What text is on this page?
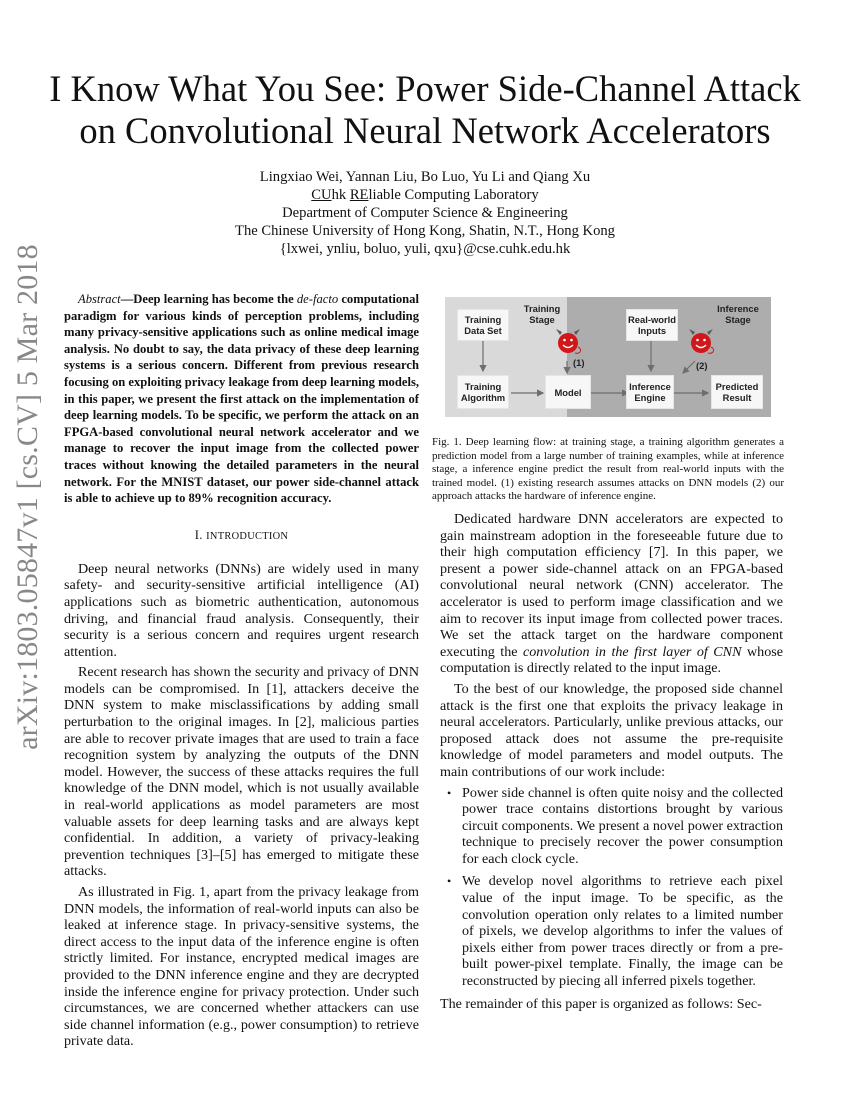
arXiv:1803.05847v1 [cs.CV] 5 Mar 2018
I Know What You See: Power Side-Channel Attack
on Convolutional Neural Network Accelerators
Lingxiao Wei, Yannan Liu, Bo Luo, Yu Li and Qiang Xu
CUhk REliable Computing Laboratory
Department of Computer Science & Engineering
The Chinese University of Hong Kong, Shatin, N.T., Hong Kong
{lxwei, ynliu, boluo, yuli, qxu}@cse.cuhk.edu.hk

Abstract—Deep learning has become the de-facto computational paradigm for various kinds of perception problems, including many privacy-sensitive applications such as online medical image analysis. No doubt to say, the data privacy of these deep learning systems is a serious concern. Different from previous research focusing on exploiting privacy leakage from deep learning models, in this paper, we present the first attack on the implementation of deep learning models. To be specific, we perform the attack on an FPGA-based convolutional neural network accelerator and we manage to recover the input image from the collected power traces without knowing the detailed parameters in the neural network. For the MNIST dataset, our power side-channel attack is able to achieve up to 89% recognition accuracy.

I. INTRODUCTION

Deep neural networks (DNNs) are widely used in many safety- and security-sensitive artificial intelligence (AI) applications such as biometric authentication, autonomous driving, and financial fraud analysis. Consequently, their security is a serious concern and requires urgent research attention.

Recent research has shown the security and privacy of DNN models can be compromised. In [1], attackers deceive the DNN system to make misclassifications by adding small perturbation to the original images. In [2], malicious parties are able to recover private images that are used to train a face recognition system by analyzing the outputs of the DNN model. However, the success of these attacks requires the full knowledge of the DNN model, which is not usually available in real-world applications as model parameters are most valuable assets for deep learning tasks and are always kept confidential. In addition, a variety of privacy-leaking prevention techniques [3]–[5] has emerged to mitigate these attacks.

As illustrated in Fig. 1, apart from the privacy leakage from DNN models, the information of real-world inputs can also be leaked at inference stage. In privacy-sensitive systems, the direct access to the input data of the inference engine is often strictly limited. For instance, encrypted medical images are provided to the DNN inference engine and they are decrypted inside the inference engine for privacy protection. Under such circumstances, we are concerned whether attackers can use side channel information (e.g., power consumption) to retrieve private data.

Training Stage
Inference Stage
Training Data Set
Training Algorithm	Model
Real-world Inputs
Inference Engine
Predicted Result
(1)	(2)
Fig. 1. Deep learning flow: at training stage, a training algorithm generates a prediction model from a large number of training examples, while at inference stage, a inference engine predict the result from real-world inputs with the trained model. (1) existing research assumes attacks on DNN models (2) our approach attacks the hardware of inference engine.

Dedicated hardware DNN accelerators are expected to gain mainstream adoption in the foreseeable future due to their high computation efficiency [7]. In this paper, we present a power side-channel attack on an FPGA-based convolutional neural network (CNN) accelerator. The accelerator is used to perform image classification and we aim to recover its input image from collected power traces. We set the attack target on the hardware component executing the convolution in the first layer of CNN whose computation is directly related to the input image.

To the best of our knowledge, the proposed side channel attack is the first one that exploits the privacy leakage in neural accelerators. Particularly, unlike previous attacks, our proposed attack does not assume the pre-requisite knowledge of model parameters and model outputs. The main contributions of our work include:

• Power side channel is often quite noisy and the collected power trace contains distortions brought by various circuit components. We present a novel power extraction technique to precisely recover the power consumption for each clock cycle.
• We develop novel algorithms to retrieve each pixel value of the input image. To be specific, as the convolution operation only relates to a limited number of pixels, we develop algorithms to infer the values of pixels either from power traces directly or from a pre-built power-pixel template. Finally, the image can be reconstructed by piecing all inferred pixels together.

The remainder of this paper is organized as follows: Sec-
